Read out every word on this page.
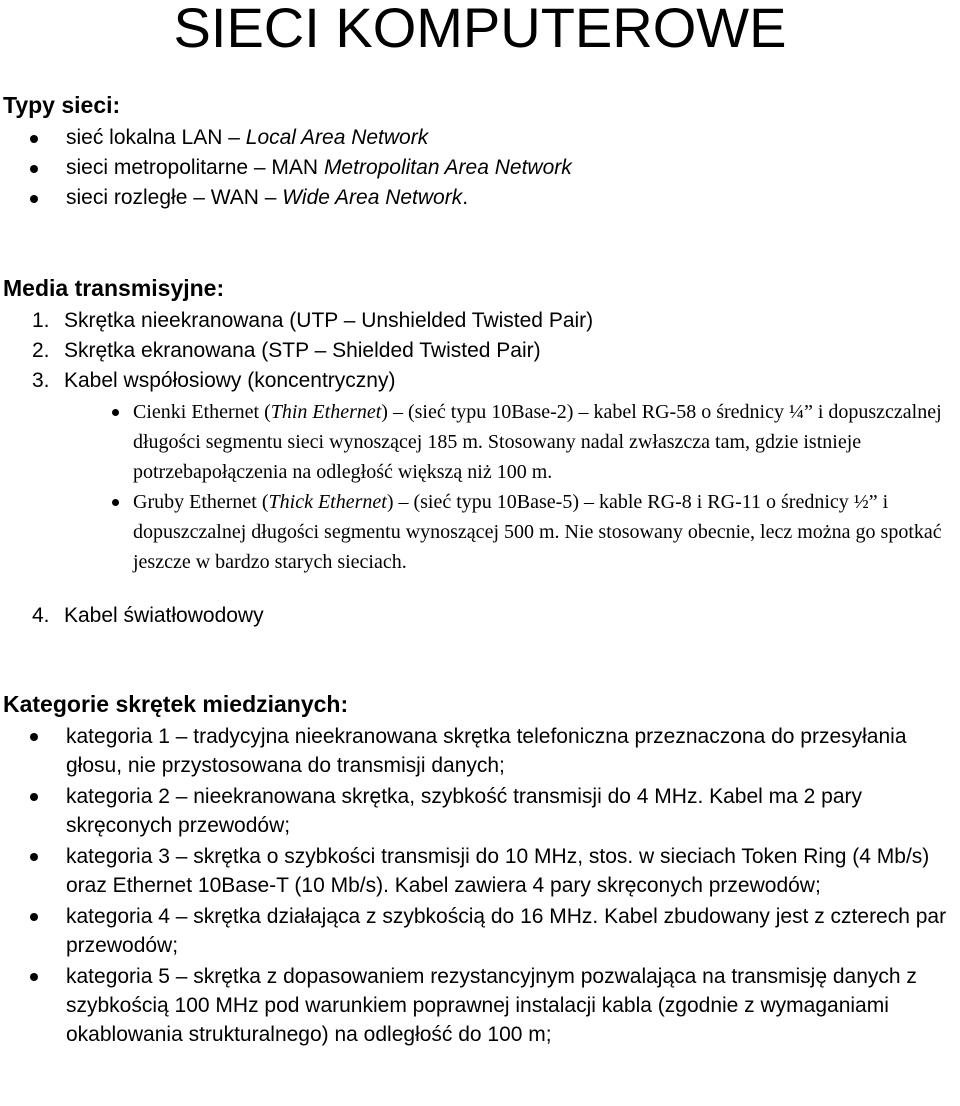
SIECI KOMPUTEROWE
Typy sieci:
sieć lokalna LAN – Local Area Network
sieci metropolitarne – MAN Metropolitan Area Network
sieci rozległe – WAN – Wide Area Network.
Media transmisyjne:
1. Skrętka nieekranowana (UTP – Unshielded Twisted Pair)
2. Skrętka ekranowana (STP – Shielded Twisted Pair)
3. Kabel współosiowy (koncentryczny)
Cienki Ethernet (Thin Ethernet) – (sieć typu 10Base-2) – kabel RG-58 o średnicy ¼” i dopuszczalnej długości segmentu sieci wynoszącej 185 m. Stosowany nadal zwłaszcza tam, gdzie istnieje potrzebapołączenia na odległość większą niż 100 m.
Gruby Ethernet (Thick Ethernet) – (sieć typu 10Base-5) – kable RG-8 i RG-11 o średnicy ½” i dopuszczalnej długości segmentu wynoszącej 500 m. Nie stosowany obecnie, lecz można go spotkać jeszcze w bardzo starych sieciach.
4. Kabel światłowodowy
Kategorie skrętek miedzianych:
kategoria 1 – tradycyjna nieekranowana skrętka telefoniczna przeznaczona do przesyłania głosu, nie przystosowana do transmisji danych;
kategoria 2 – nieekranowana skrętka, szybkość transmisji do 4 MHz. Kabel ma 2 pary skręconych przewodów;
kategoria 3 – skrętka o szybkości transmisji do 10 MHz, stos. w sieciach Token Ring (4 Mb/s) oraz Ethernet 10Base-T (10 Mb/s). Kabel zawiera 4 pary skręconych przewodów;
kategoria 4 – skrętka działająca z szybkością do 16 MHz. Kabel zbudowany jest z czterech par przewodów;
kategoria 5 – skrętka z dopasowaniem rezystancyjnym pozwalająca na transmisję danych z szybkością 100 MHz pod warunkiem poprawnej instalacji kabla (zgodnie z wymaganiami okablowania strukturalnego) na odległość do 100 m;
